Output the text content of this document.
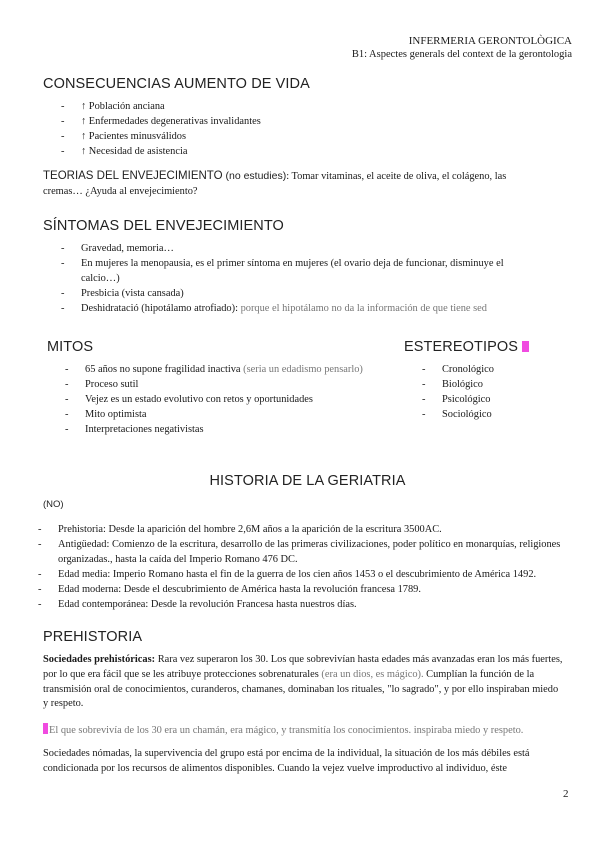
INFERMERIA GERONTOLÒGICA
B1: Aspectes generals del context de la gerontologia
CONSECUENCIAS AUMENTO DE VIDA
- ↑ Población anciana
- ↑ Enfermedades degenerativas invalidantes
- ↑ Pacientes minusválidos
- ↑ Necesidad de asistencia
TEORIAS DEL ENVEJECIMIENTO (no estudies): Tomar vitaminas, el aceite de oliva, el colágeno, las cremas… ¿Ayuda al envejecimiento?
SÍNTOMAS DEL ENVEJECIMIENTO
- Gravedad, memoria…
- En mujeres la menopausia, es el primer síntoma en mujeres (el ovario deja de funcionar, disminuye el calcio…)
- Presbicia (vista cansada)
- Deshidratació (hipotálamo atrofiado): porque el hipotálamo no da la información de que tiene sed
MITOS
- 65 años no supone fragilidad inactiva (seria un edadismo pensarlo)
- Proceso sutil
- Vejez es un estado evolutivo con retos y oportunidades
- Mito optimista
- Interpretaciones negativistas
ESTEREOTIPOS
- Cronológico
- Biológico
- Psicológico
- Sociológico
HISTORIA DE LA GERIATRIA
(NO)
- Prehistoria: Desde la aparición del hombre 2,6M años a la aparición de la escritura 3500AC.
- Antigüedad: Comienzo de la escritura, desarrollo de las primeras civilizaciones, poder político en monarquías, religiones organizadas., hasta la caída del Imperio Romano 476 DC.
- Edad media: Imperio Romano hasta el fin de la guerra de los cien años 1453 o el descubrimiento de América 1492.
- Edad moderna: Desde el descubrimiento de América hasta la revolución francesa 1789.
- Edad contemporánea: Desde la revolución Francesa hasta nuestros días.
PREHISTORIA
Sociedades prehistóricas: Rara vez superaron los 30. Los que sobrevivían hasta edades más avanzadas eran los más fuertes, por lo que era fácil que se les atribuye protecciones sobrenaturales (era un dios, es mágico). Cumplían la función de la transmisión oral de conocimientos, curanderos, chamanes, dominaban los rituales, "lo sagrado", y por ello inspiraban miedo y respeto.
El que sobrevivía de los 30 era un chamán, era mágico, y transmitía los conocimientos. inspiraba miedo y respeto.
Sociedades nómadas, la supervivencia del grupo está por encima de la individual, la situación de los más débiles está condicionada por los recursos de alimentos disponibles. Cuando la vejez vuelve improductivo al individuo, éste
2
